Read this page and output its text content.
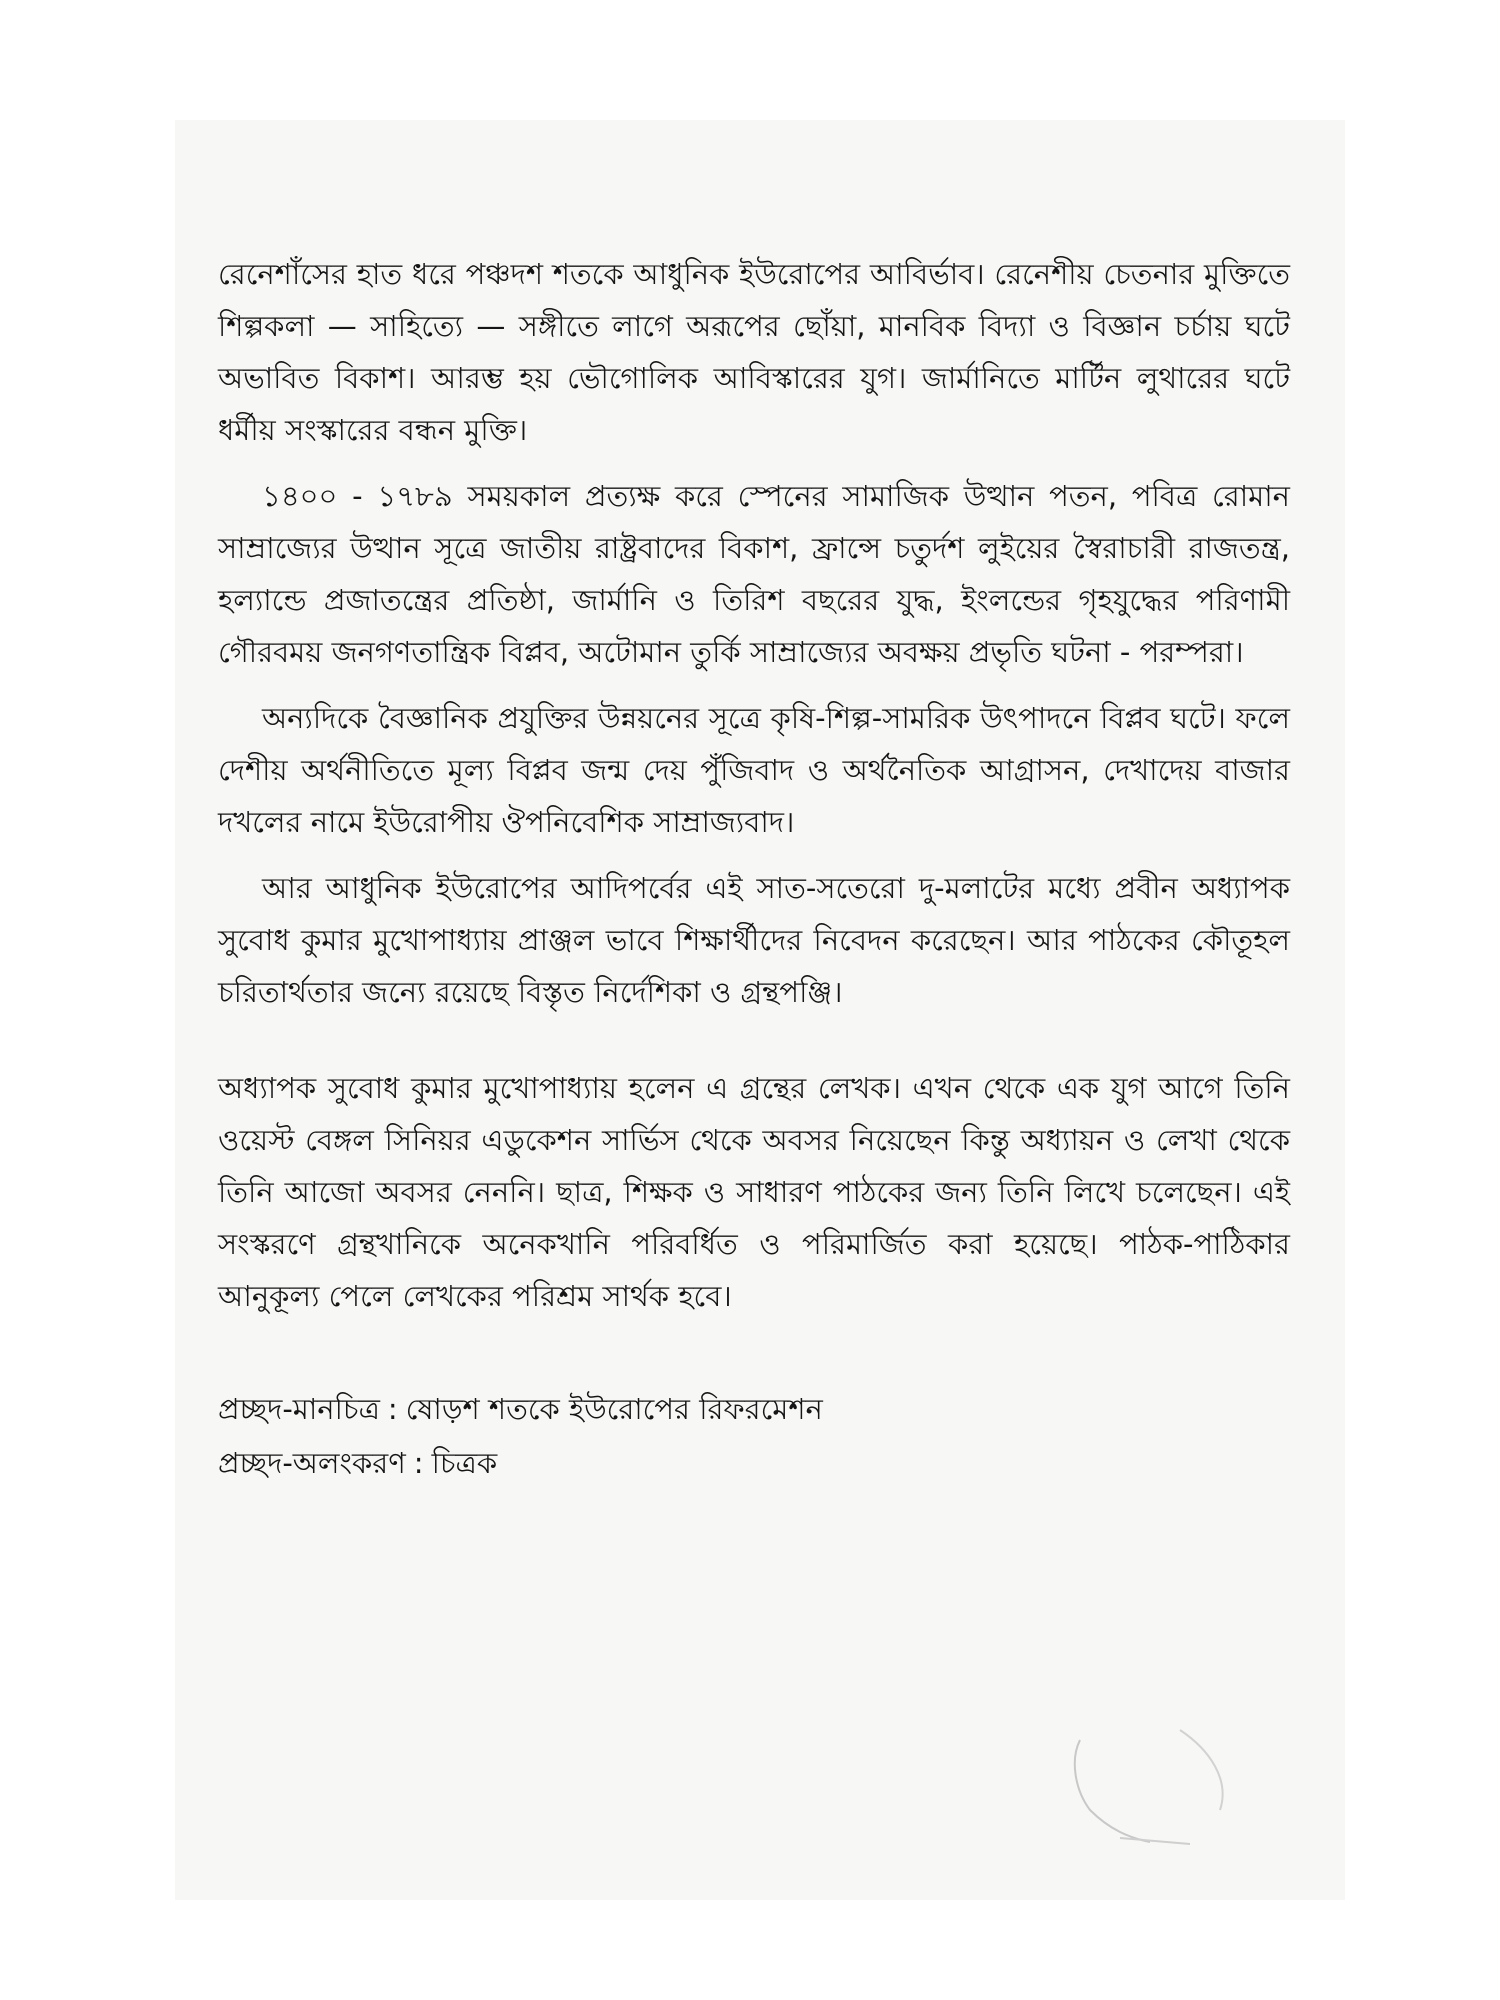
রেনেশাঁসের হাত ধরে পঞ্চদশ শতকে আধুনিক ইউরোপের আবির্ভাব। রেনেশীয় চেতনার মুক্তিতে শিল্পকলা — সাহিত্যে — সঙ্গীতে লাগে অরূপের ছোঁয়া, মানবিক বিদ্যা ও বিজ্ঞান চর্চায় ঘটে অভাবিত বিকাশ। আরম্ভ হয় ভৌগোলিক আবিস্কারের যুগ। জার্মানিতে মার্টিন লুথারের ঘটে ধর্মীয় সংস্কারের বন্ধন মুক্তি।

১৪০০ - ১৭৮৯ সময়কাল প্রত্যক্ষ করে স্পেনের সামাজিক উত্থান পতন, পবিত্র রোমান সাম্রাজ্যের উত্থান সূত্রে জাতীয় রাষ্ট্রবাদের বিকাশ, ফ্রান্সে চতুর্দশ লুইয়ের স্বৈরাচারী রাজতন্ত্র, হল্যান্ডে প্রজাতন্ত্রের প্রতিষ্ঠা, জার্মানি ও তিরিশ বছরের যুদ্ধ, ইংলন্ডের গৃহযুদ্ধের পরিণামী গৌরবময় জনগণতান্ত্রিক বিপ্লব, অটোমান তুর্কি সাম্রাজ্যের অবক্ষয় প্রভৃতি ঘটনা - পরম্পরা।

অন্যদিকে বৈজ্ঞানিক প্রযুক্তির উন্নয়নের সূত্রে কৃষি-শিল্প-সামরিক উৎপাদনে বিপ্লব ঘটে। ফলে দেশীয় অর্থনীতিতে মূল্য বিপ্লব জন্ম দেয় পুঁজিবাদ ও অর্থনৈতিক আগ্রাসন, দেখাদেয় বাজার দখলের নামে ইউরোপীয় ঔপনিবেশিক সাম্রাজ্যবাদ।

আর আধুনিক ইউরোপের আদিপর্বের এই সাত-সতেরো দু-মলাটের মধ্যে প্রবীন অধ্যাপক সুবোধ কুমার মুখোপাধ্যায় প্রাঞ্জল ভাবে শিক্ষার্থীদের নিবেদন করেছেন। আর পাঠকের কৌতূহল চরিতার্থতার জন্যে রয়েছে বিস্তৃত নির্দেশিকা ও গ্রন্থপঞ্জি।

অধ্যাপক সুবোধ কুমার মুখোপাধ্যায় হলেন এ গ্রন্থের লেখক। এখন থেকে এক যুগ আগে তিনি ওয়েস্ট বেঙ্গল সিনিয়র এডুকেশন সার্ভিস থেকে অবসর নিয়েছেন কিন্তু অধ্যায়ন ও লেখা থেকে তিনি আজো অবসর নেননি। ছাত্র, শিক্ষক ও সাধারণ পাঠকের জন্য তিনি লিখে চলেছেন। এই সংস্করণে গ্রন্থখানিকে অনেকখানি পরিবর্ধিত ও পরিমার্জিত করা হয়েছে। পাঠক-পাঠিকার আনুকূল্য পেলে লেখকের পরিশ্রম সার্থক হবে।

প্রচ্ছদ-মানচিত্র : ষোড়শ শতকে ইউরোপের রিফরমেশন
প্রচ্ছদ-অলংকরণ : চিত্রক
